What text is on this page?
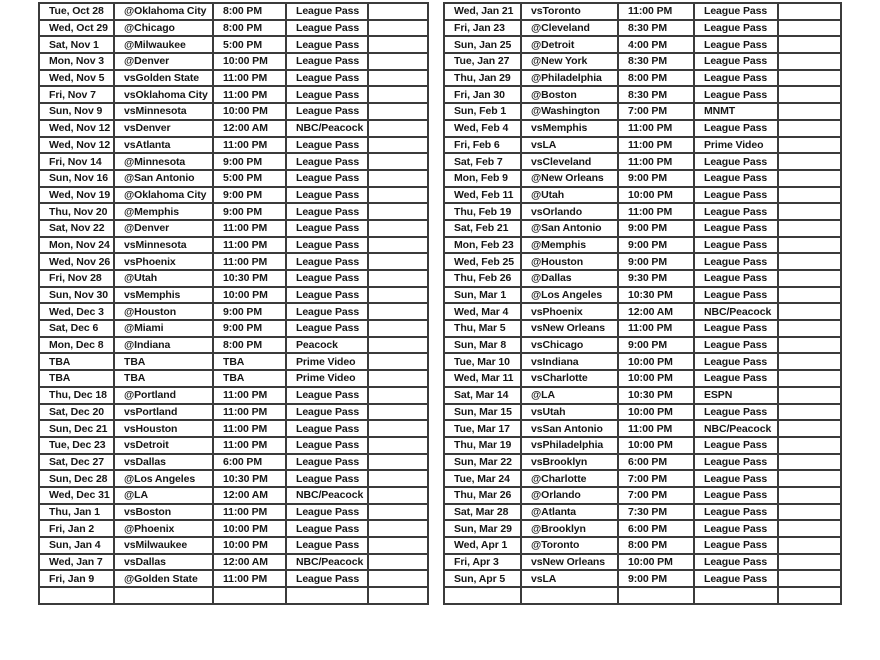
Tue, Oct 28	@Oklahoma City	8:00 PM	League Pass	
Wed, Oct 29	@Chicago	8:00 PM	League Pass	
Sat, Nov 1	@Milwaukee	5:00 PM	League Pass	
Mon, Nov 3	@Denver	10:00 PM	League Pass	
Wed, Nov 5	vsGolden State	11:00 PM	League Pass	
Fri, Nov 7	vsOklahoma City	11:00 PM	League Pass	
Sun, Nov 9	vsMinnesota	10:00 PM	League Pass	
Wed, Nov 12	vsDenver	12:00 AM	NBC/Peacock	
Wed, Nov 12	vsAtlanta	11:00 PM	League Pass	
Fri, Nov 14	@Minnesota	9:00 PM	League Pass	
Sun, Nov 16	@San Antonio	5:00 PM	League Pass	
Wed, Nov 19	@Oklahoma City	9:00 PM	League Pass	
Thu, Nov 20	@Memphis	9:00 PM	League Pass	
Sat, Nov 22	@Denver	11:00 PM	League Pass	
Mon, Nov 24	vsMinnesota	11:00 PM	League Pass	
Wed, Nov 26	vsPhoenix	11:00 PM	League Pass	
Fri, Nov 28	@Utah	10:30 PM	League Pass	
Sun, Nov 30	vsMemphis	10:00 PM	League Pass	
Wed, Dec 3	@Houston	9:00 PM	League Pass	
Sat, Dec 6	@Miami	9:00 PM	League Pass	
Mon, Dec 8	@Indiana	8:00 PM	Peacock	
TBA	TBA	TBA	Prime Video	
TBA	TBA	TBA	Prime Video	
Thu, Dec 18	@Portland	11:00 PM	League Pass	
Sat, Dec 20	vsPortland	11:00 PM	League Pass	
Sun, Dec 21	vsHouston	11:00 PM	League Pass	
Tue, Dec 23	vsDetroit	11:00 PM	League Pass	
Sat, Dec 27	vsDallas	6:00 PM	League Pass	
Sun, Dec 28	@Los Angeles	10:30 PM	League Pass	
Wed, Dec 31	@LA	12:00 AM	NBC/Peacock	
Thu, Jan 1	vsBoston	11:00 PM	League Pass	
Fri, Jan 2	@Phoenix	10:00 PM	League Pass	
Sun, Jan 4	vsMilwaukee	10:00 PM	League Pass	
Wed, Jan 7	vsDallas	12:00 AM	NBC/Peacock	
Fri, Jan 9	@Golden State	11:00 PM	League Pass	

Wed, Jan 21	vsToronto	11:00 PM	League Pass	
Fri, Jan 23	@Cleveland	8:30 PM	League Pass	
Sun, Jan 25	@Detroit	4:00 PM	League Pass	
Tue, Jan 27	@New York	8:30 PM	League Pass	
Thu, Jan 29	@Philadelphia	8:00 PM	League Pass	
Fri, Jan 30	@Boston	8:30 PM	League Pass	
Sun, Feb 1	@Washington	7:00 PM	MNMT	
Wed, Feb 4	vsMemphis	11:00 PM	League Pass	
Fri, Feb 6	vsLA	11:00 PM	Prime Video	
Sat, Feb 7	vsCleveland	11:00 PM	League Pass	
Mon, Feb 9	@New Orleans	9:00 PM	League Pass	
Wed, Feb 11	@Utah	10:00 PM	League Pass	
Thu, Feb 19	vsOrlando	11:00 PM	League Pass	
Sat, Feb 21	@San Antonio	9:00 PM	League Pass	
Mon, Feb 23	@Memphis	9:00 PM	League Pass	
Wed, Feb 25	@Houston	9:00 PM	League Pass	
Thu, Feb 26	@Dallas	9:30 PM	League Pass	
Sun, Mar 1	@Los Angeles	10:30 PM	League Pass	
Wed, Mar 4	vsPhoenix	12:00 AM	NBC/Peacock	
Thu, Mar 5	vsNew Orleans	11:00 PM	League Pass	
Sun, Mar 8	vsChicago	9:00 PM	League Pass	
Tue, Mar 10	vsIndiana	10:00 PM	League Pass	
Wed, Mar 11	vsCharlotte	10:00 PM	League Pass	
Sat, Mar 14	@LA	10:30 PM	ESPN	
Sun, Mar 15	vsUtah	10:00 PM	League Pass	
Tue, Mar 17	vsSan Antonio	11:00 PM	NBC/Peacock	
Thu, Mar 19	vsPhiladelphia	10:00 PM	League Pass	
Sun, Mar 22	vsBrooklyn	6:00 PM	League Pass	
Tue, Mar 24	@Charlotte	7:00 PM	League Pass	
Thu, Mar 26	@Orlando	7:00 PM	League Pass	
Sat, Mar 28	@Atlanta	7:30 PM	League Pass	
Sun, Mar 29	@Brooklyn	6:00 PM	League Pass	
Wed, Apr 1	@Toronto	8:00 PM	League Pass	
Fri, Apr 3	vsNew Orleans	10:00 PM	League Pass	
Sun, Apr 5	vsLA	9:00 PM	League Pass	
